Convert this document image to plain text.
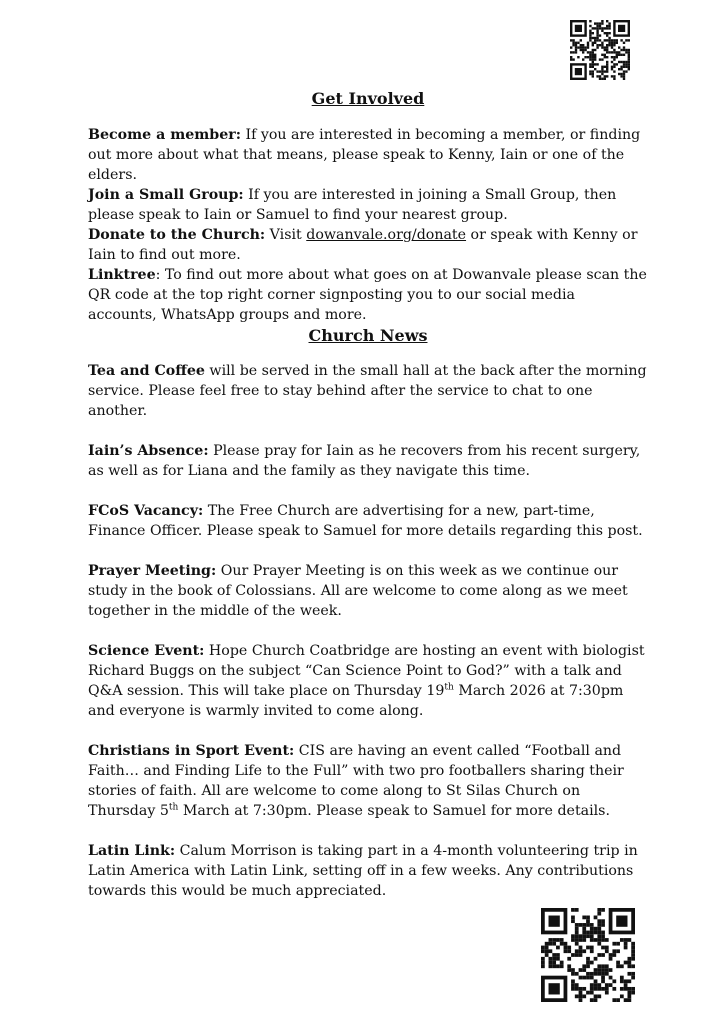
Get Involved

Become a member: If you are interested in becoming a member, or finding out more about what that means, please speak to Kenny, Iain or one of the elders.

Join a Small Group: If you are interested in joining a Small Group, then please speak to Iain or Samuel to find your nearest group.

Donate to the Church: Visit dowanvale.org/donate or speak with Kenny or Iain to find out more.

Linktree: To find out more about what goes on at Dowanvale please scan the QR code at the top right corner signposting you to our social media accounts, WhatsApp groups and more.

Church News

Tea and Coffee will be served in the small hall at the back after the morning service. Please feel free to stay behind after the service to chat to one another.

Iain’s Absence: Please pray for Iain as he recovers from his recent surgery, as well as for Liana and the family as they navigate this time.

FCoS Vacancy: The Free Church are advertising for a new, part-time, Finance Officer. Please speak to Samuel for more details regarding this post.

Prayer Meeting: Our Prayer Meeting is on this week as we continue our study in the book of Colossians. All are welcome to come along as we meet together in the middle of the week.

Science Event: Hope Church Coatbridge are hosting an event with biologist Richard Buggs on the subject “Can Science Point to God?” with a talk and Q&A session. This will take place on Thursday 19th March 2026 at 7:30pm and everyone is warmly invited to come along.

Christians in Sport Event: CIS are having an event called “Football and Faith… and Finding Life to the Full” with two pro footballers sharing their stories of faith. All are welcome to come along to St Silas Church on Thursday 5th March at 7:30pm. Please speak to Samuel for more details.

Latin Link: Calum Morrison is taking part in a 4-month volunteering trip in Latin America with Latin Link, setting off in a few weeks. Any contributions towards this would be much appreciated.
